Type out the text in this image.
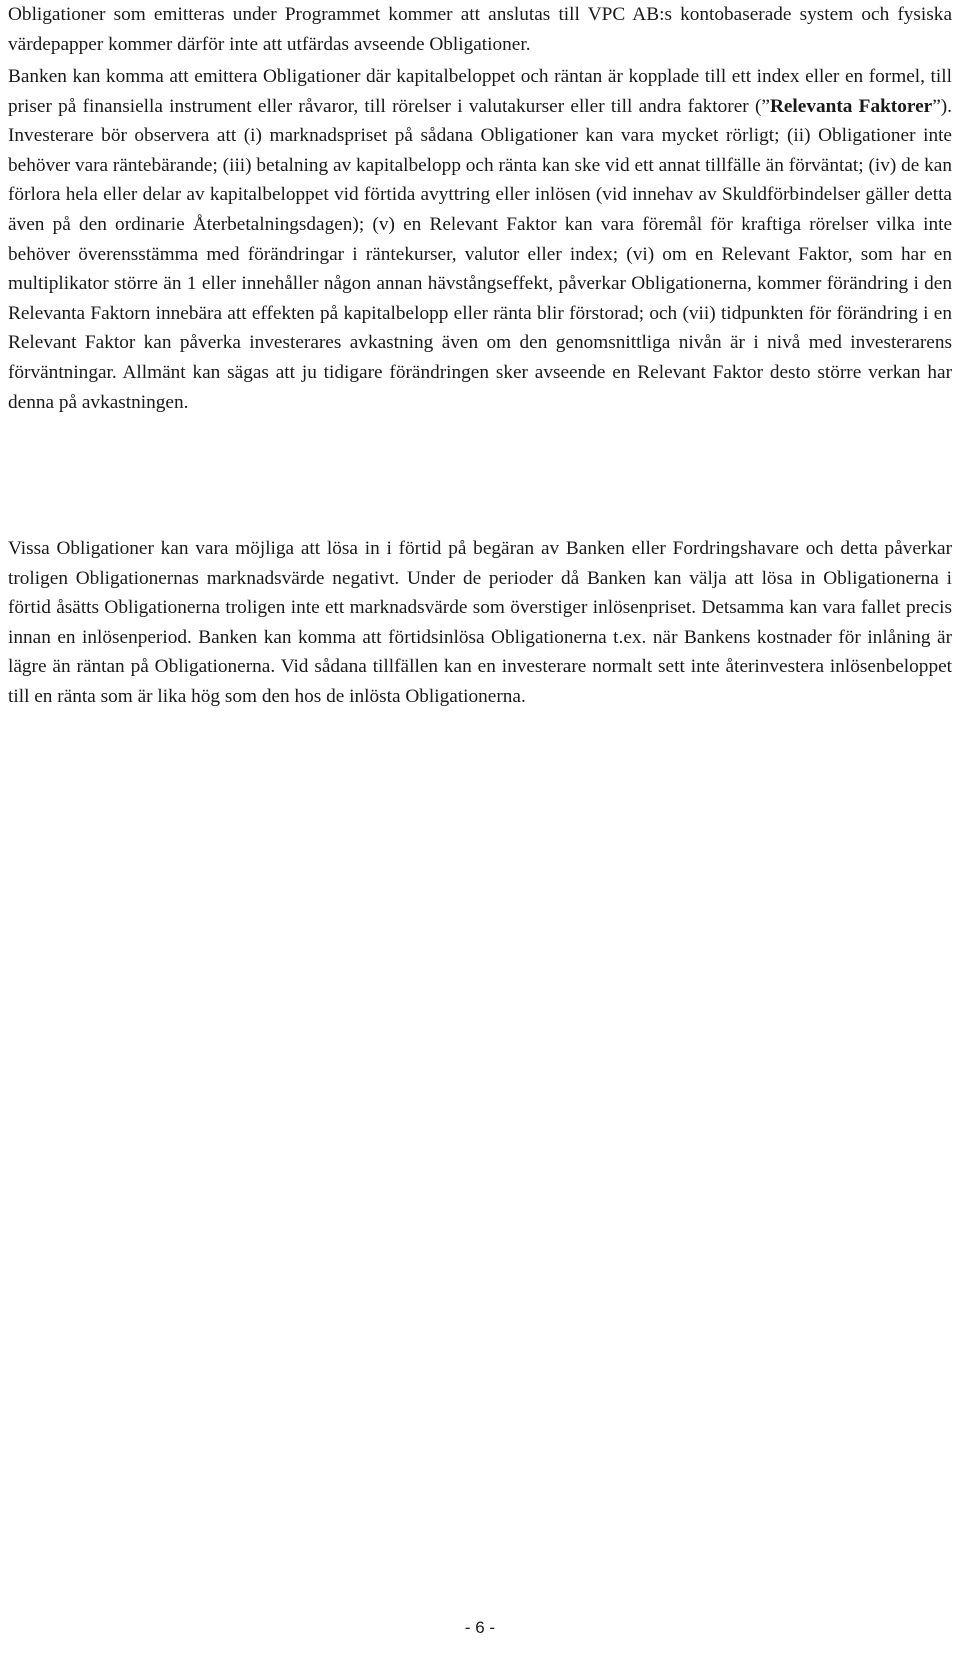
Obligationer som emitteras under Programmet kommer att anslutas till VPC AB:s kontobaserade system och fysiska värdepapper kommer därför inte att utfärdas avseende Obligationer.

Banken kan komma att emittera Obligationer där kapitalbeloppet och räntan är kopplade till ett index eller en formel, till priser på finansiella instrument eller råvaror, till rörelser i valutakurser eller till andra faktorer (”Relevanta Faktorer”). Investerare bör observera att (i) marknadspriset på sådana Obligationer kan vara mycket rörligt; (ii) Obligationer inte behöver vara räntebärande; (iii) betalning av kapitalbelopp och ränta kan ske vid ett annat tillfälle än förväntat; (iv) de kan förlora hela eller delar av kapitalbeloppet vid förtida avyttring eller inlösen (vid innehav av Skuldförbindelser gäller detta även på den ordinarie Återbetalningsdagen); (v) en Relevant Faktor kan vara föremål för kraftiga rörelser vilka inte behöver överensstämma med förändringar i räntekurser, valutor eller index; (vi) om en Relevant Faktor, som har en multiplikator större än 1 eller innehåller någon annan hävstångseffekt, påverkar Obligationerna, kommer förändring i den Relevanta Faktorn innebära att effekten på kapitalbelopp eller ränta blir förstorad; och (vii) tidpunkten för förändring i en Relevant Faktor kan påverka investerares avkastning även om den genomsnittliga nivån är i nivå med investerarens förväntningar. Allmänt kan sägas att ju tidigare förändringen sker avseende en Relevant Faktor desto större verkan har denna på avkastningen.

Vissa Obligationer kan vara möjliga att lösa in i förtid på begäran av Banken eller Fordringshavare och detta påverkar troligen Obligationernas marknadsvärde negativt. Under de perioder då Banken kan välja att lösa in Obligationerna i förtid åsätts Obligationerna troligen inte ett marknadsvärde som överstiger inlösenpriset. Detsamma kan vara fallet precis innan en inlösenperiod. Banken kan komma att förtidsinlösa Obligationerna t.ex. när Bankens kostnader för inlåning är lägre än räntan på Obligationerna. Vid sådana tillfällen kan en investerare normalt sett inte återinvestera inlösenbeloppet till en ränta som är lika hög som den hos de inlösta Obligationerna.

- 6 -
